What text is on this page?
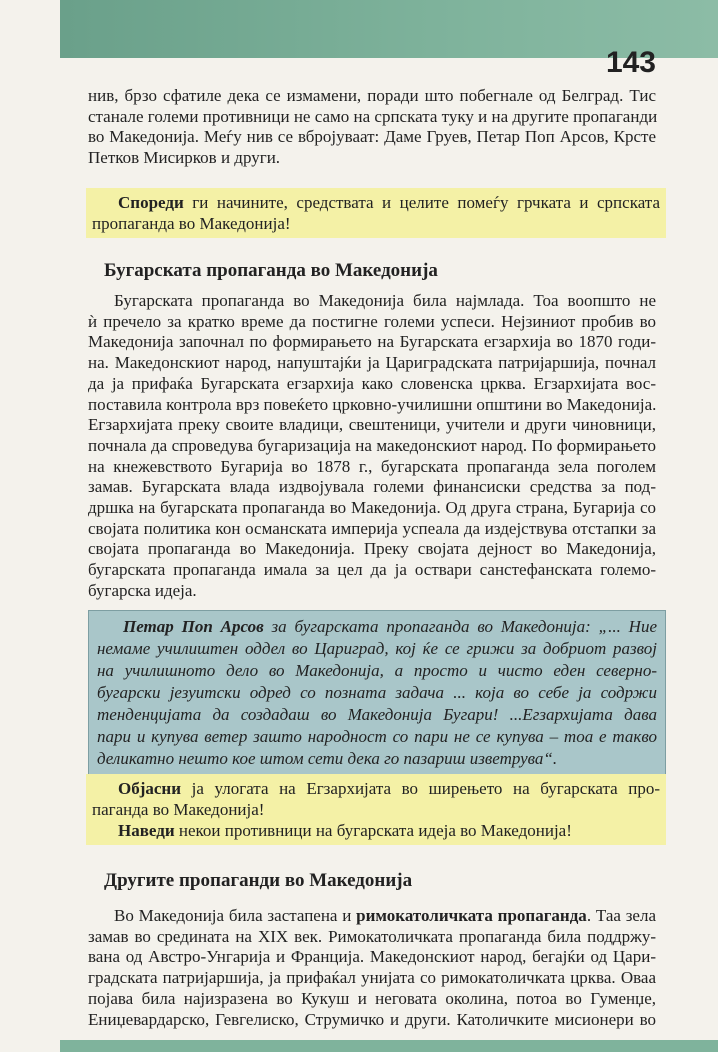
143
нив, брзо сфатиле дека се измамени, поради што побегнале од Белград. Тис
станале големи противници не само на српската туку и на другите пропаганди
во Македонија. Меѓу нив се вбројуваат: Даме Груев, Петар Поп Арсов, Крсте
Петков Мисирков и други.
Спореди ги начините, средствата и целите помеѓу грчката и српската
пропаганда во Македонија!
Бугарската пропаганда во Македонија
Бугарската пропаганда во Македонија била најмлада. Тоа воопшто не
ѝ пречело за кратко време да постигне големи успеси. Нејзиниот пробив во
Македонија започнал по формирањето на Бугарската егзархија во 1870 годи-
на. Македонскиот народ, напуштајќи ја Цариградската патријаршија, почнал
да ја прифаќа Бугарската егзархија како словенска црква. Егзархијата вос-
поставила контрола врз повеќето црковно-училишни општини во Македонија.
Егзархијата преку своите владици, свештеници, учители и други чиновници,
почнала да спроведува бугаризација на македонскиот народ. По формирањето
на кнежевството Бугарија во 1878 г., бугарската пропаганда зела поголем
замав. Бугарската влада издвојувала големи финансиски средства за под-
дршка на бугарската пропаганда во Македонија. Од друга страна, Бугарија со
својата политика кон османската империја успеала да издејствува отстапки за
својата пропаганда во Македонија. Преку својата дејност во Македонија,
бугарската пропаганда имала за цел да ја оствари санстефанската големо-
бугарска идеја.
Петар Поп Арсов за бугарската пропаганда во Македонија: „... Ние
немаме училиштен оддел во Цариград, кој ќе се грижи за добриот развој
на училишното дело во Македонија, а просто и чисто еден северно-
бугарски језуитски одред со позната задача ... која во себе ја содржи
тенденцијата да создадаш во Македонија Бугари! ...Егзархијата дава
пари и купува ветер зашто народност со пари не се купува – тоа е такво
деликатно нешто кое штом сети дека го пазариш изветрува“.
Објасни ја улогата на Егзархијата во ширењето на бугарската про-
паганда во Македонија!
Наведи некои противници на бугарската идеја во Македонија!
Другите пропаганди во Македонија
Во Македонија била застапена и римокатоличката пропаганда. Таа зела
замав во средината на XIX век. Римокатоличката пропаганда била поддржу-
вана од Австро-Унгарија и Франција. Македонскиот народ, бегајќи од Цари-
градската патријаршија, ја прифаќал унијата со римокатоличката црква. Оваа
појава била најизразена во Кукуш и неговата околина, потоа во Гуменџе,
Ениџевардарско, Гевгелиско, Струмичко и други. Католичките мисионери во
